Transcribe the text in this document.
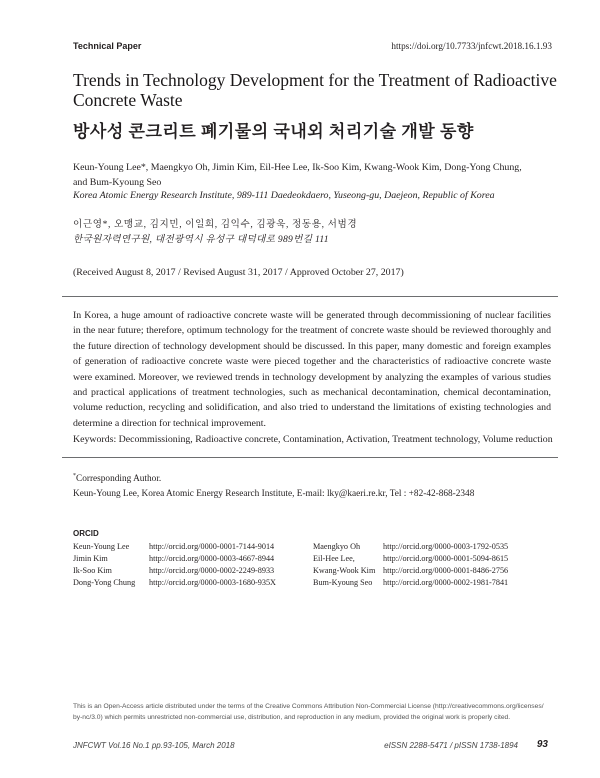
Technical Paper	https://doi.org/10.7733/jnfcwt.2018.16.1.93
Trends in Technology Development for the Treatment of Radioactive
Concrete Waste
방사성 콘크리트 폐기물의 국내외 처리기술 개발 동향
Keun-Young Lee*, Maengkyo Oh, Jimin Kim, Eil-Hee Lee, Ik-Soo Kim, Kwang-Wook Kim, Dong-Yong Chung,
and Bum-Kyoung Seo
Korea Atomic Energy Research Institute, 989-111 Daedeokdaero, Yuseong-gu, Daejeon, Republic of Korea
이근영*, 오맹교, 김지민, 이일희, 김익수, 김광욱, 정동용, 서범경
한국원자력연구원, 대전광역시 유성구 대덕대로 989번길 111
(Received August 8, 2017 / Revised August 31, 2017 / Approved October 27, 2017)
In Korea, a huge amount of radioactive concrete waste will be generated through decommissioning of nuclear facilities in the near future; therefore, optimum technology for the treatment of concrete waste should be reviewed thoroughly and the future direction of technology development should be discussed. In this paper, many domestic and foreign examples of generation of radioactive concrete waste were pieced together and the characteristics of radioactive concrete waste were examined. Moreover, we reviewed trends in technology development by analyzing the examples of various studies and practical applications of treatment technologies, such as mechanical decontamination, chemical decontamination, volume reduction, recycling and solidification, and also tried to understand the limitations of existing technologies and determine a direction for technical improvement.
Keywords: Decommissioning, Radioactive concrete, Contamination, Activation, Treatment technology, Volume reduction
*Corresponding Author.
Keun-Young Lee, Korea Atomic Energy Research Institute, E-mail: lky@kaeri.re.kr, Tel : +82-42-868-2348
ORCID
Keun-Young Lee http://orcid.org/0000-0001-7144-9014	Maengkyo Oh	http://orcid.org/0000-0003-1792-0535
Jimin Kim	http://orcid.org/0000-0003-4667-8944	Eil-Hee Lee,	http://orcid.org/0000-0001-5094-8615
Ik-Soo Kim	http://orcid.org/0000-0002-2249-8933	Kwang-Wook Kim http://orcid.org/0000-0001-8486-2756
Dong-Yong Chung http://orcid.org/0000-0003-1680-935X	Bum-Kyoung Seo http://orcid.org/0000-0002-1981-7841
This is an Open-Access article distributed under the terms of the Creative Commons Attribution Non-Commercial License (http://creativecommons.org/licenses/
by-nc/3.0) which permits unrestricted non-commercial use, distribution, and reproduction in any medium, provided the original work is properly cited.
JNFCWT Vol.16 No.1 pp.93-105, March 2018	eISSN 2288-5471 / pISSN 1738-1894 93
